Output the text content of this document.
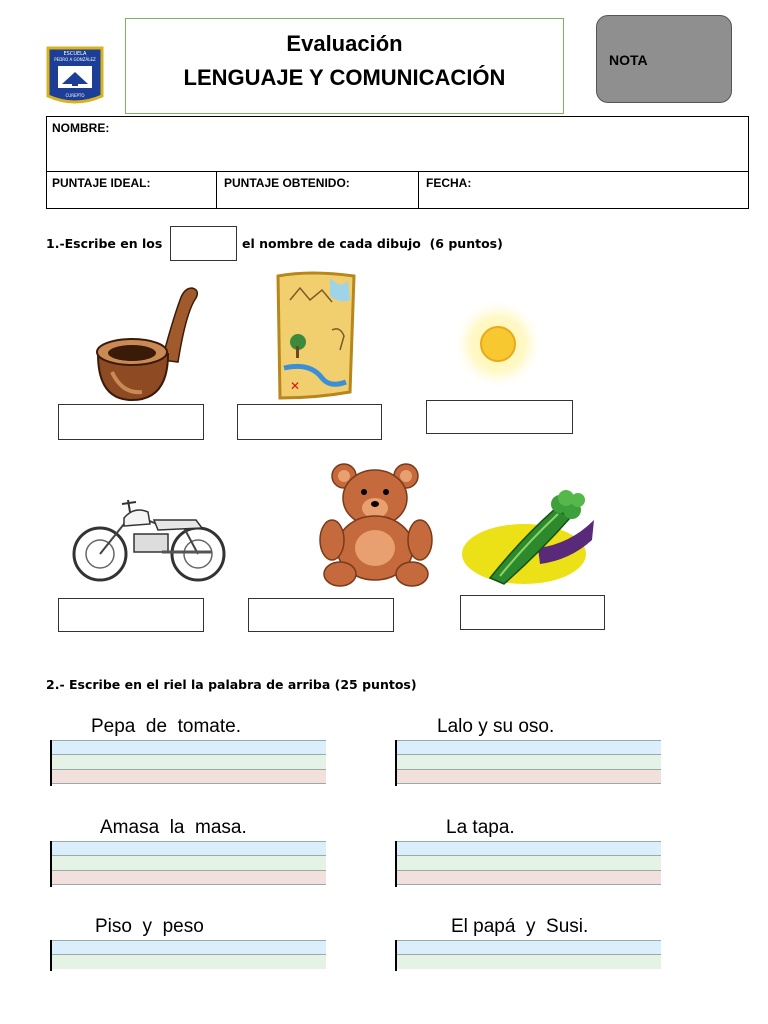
ESCUELA
PEDRO A GONZÁLEZ
CUREPTO
Evaluación
LENGUAJE Y COMUNICACIÓN
NOTA
NOMBRE:
PUNTAJE IDEAL:	PUNTAJE OBTENIDO:	FECHA:
1.-Escribe en los	el nombre de cada dibujo  (6 puntos)
✕
2.- Escribe en el riel la palabra de arriba (25 puntos)
Pepa  de  tomate.	Lalo y su oso.
Amasa  la  masa.	La tapa.
Piso  y  peso	El papá  y  Susi.
